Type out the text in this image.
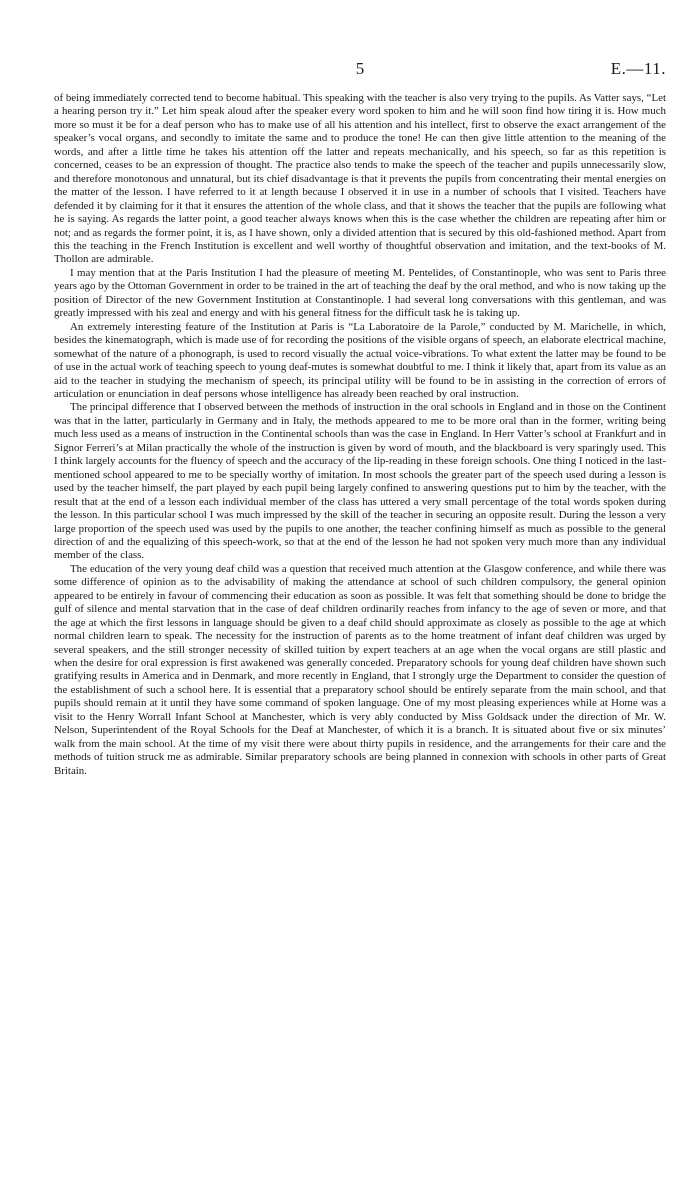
5	E.—11.

of being immediately corrected tend to become habitual. This speaking with the teacher is also very trying to the pupils. As Vatter says, “Let a hearing person try it.” Let him speak aloud after the speaker every word spoken to him and he will soon find how tiring it is. How much more so must it be for a deaf person who has to make use of all his attention and his intellect, first to observe the exact arrangement of the speaker’s vocal organs, and secondly to imitate the same and to produce the tone! He can then give little attention to the meaning of the words, and after a little time he takes his attention off the latter and repeats mechanically, and his speech, so far as this repetition is concerned, ceases to be an expression of thought. The practice also tends to make the speech of the teacher and pupils unnecessarily slow, and therefore monotonous and unnatural, but its chief disadvantage is that it prevents the pupils from concentrating their mental energies on the matter of the lesson. I have referred to it at length because I observed it in use in a number of schools that I visited. Teachers have defended it by claiming for it that it ensures the attention of the whole class, and that it shows the teacher that the pupils are following what he is saying. As regards the latter point, a good teacher always knows when this is the case whether the children are repeating after him or not; and as regards the former point, it is, as I have shown, only a divided attention that is secured by this old-fashioned method. Apart from this the teaching in the French Institution is excellent and well worthy of thoughtful observation and imitation, and the text-books of M. Thollon are admirable.

I may mention that at the Paris Institution I had the pleasure of meeting M. Pentelides, of Constantinople, who was sent to Paris three years ago by the Ottoman Government in order to be trained in the art of teaching the deaf by the oral method, and who is now taking up the position of Director of the new Government Institution at Constantinople. I had several long conversations with this gentleman, and was greatly impressed with his zeal and energy and with his general fitness for the difficult task he is taking up.

An extremely interesting feature of the Institution at Paris is “La Laboratoire de la Parole,” conducted by M. Marichelle, in which, besides the kinematograph, which is made use of for recording the positions of the visible organs of speech, an elaborate electrical machine, somewhat of the nature of a phonograph, is used to record visually the actual voice-vibrations. To what extent the latter may be found to be of use in the actual work of teaching speech to young deaf-mutes is somewhat doubtful to me. I think it likely that, apart from its value as an aid to the teacher in studying the mechanism of speech, its principal utility will be found to be in assisting in the correction of errors of articulation or enunciation in deaf persons whose intelligence has already been reached by oral instruction.

The principal difference that I observed between the methods of instruction in the oral schools in England and in those on the Continent was that in the latter, particularly in Germany and in Italy, the methods appeared to me to be more oral than in the former, writing being much less used as a means of instruction in the Continental schools than was the case in England. In Herr Vatter’s school at Frankfurt and in Signor Ferreri’s at Milan practically the whole of the instruction is given by word of mouth, and the blackboard is very sparingly used. This I think largely accounts for the fluency of speech and the accuracy of the lip-reading in these foreign schools. One thing I noticed in the last-mentioned school appeared to me to be specially worthy of imitation. In most schools the greater part of the speech used during a lesson is used by the teacher himself, the part played by each pupil being largely confined to answering questions put to him by the teacher, with the result that at the end of a lesson each individual member of the class has uttered a very small percentage of the total words spoken during the lesson. In this particular school I was much impressed by the skill of the teacher in securing an opposite result. During the lesson a very large proportion of the speech used was used by the pupils to one another, the teacher confining himself as much as possible to the general direction of and the equalizing of this speech-work, so that at the end of the lesson he had not spoken very much more than any individual member of the class.

The education of the very young deaf child was a question that received much attention at the Glasgow conference, and while there was some difference of opinion as to the advisability of making the attendance at school of such children compulsory, the general opinion appeared to be entirely in favour of commencing their education as soon as possible. It was felt that something should be done to bridge the gulf of silence and mental starvation that in the case of deaf children ordinarily reaches from infancy to the age of seven or more, and that the age at which the first lessons in language should be given to a deaf child should approximate as closely as possible to the age at which normal children learn to speak. The necessity for the instruction of parents as to the home treatment of infant deaf children was urged by several speakers, and the still stronger necessity of skilled tuition by expert teachers at an age when the vocal organs are still plastic and when the desire for oral expression is first awakened was generally conceded. Preparatory schools for young deaf children have shown such gratifying results in America and in Denmark, and more recently in England, that I strongly urge the Department to consider the question of the establishment of such a school here. It is essential that a preparatory school should be entirely separate from the main school, and that pupils should remain at it until they have some command of spoken language. One of my most pleasing experiences while at Home was a visit to the Henry Worrall Infant School at Manchester, which is very ably conducted by Miss Goldsack under the direction of Mr. W. Nelson, Superintendent of the Royal Schools for the Deaf at Manchester, of which it is a branch. It is situated about five or six minutes’ walk from the main school. At the time of my visit there were about thirty pupils in residence, and the arrangements for their care and the methods of tuition struck me as admirable. Similar preparatory schools are being planned in connexion with schools in other parts of Great Britain.
